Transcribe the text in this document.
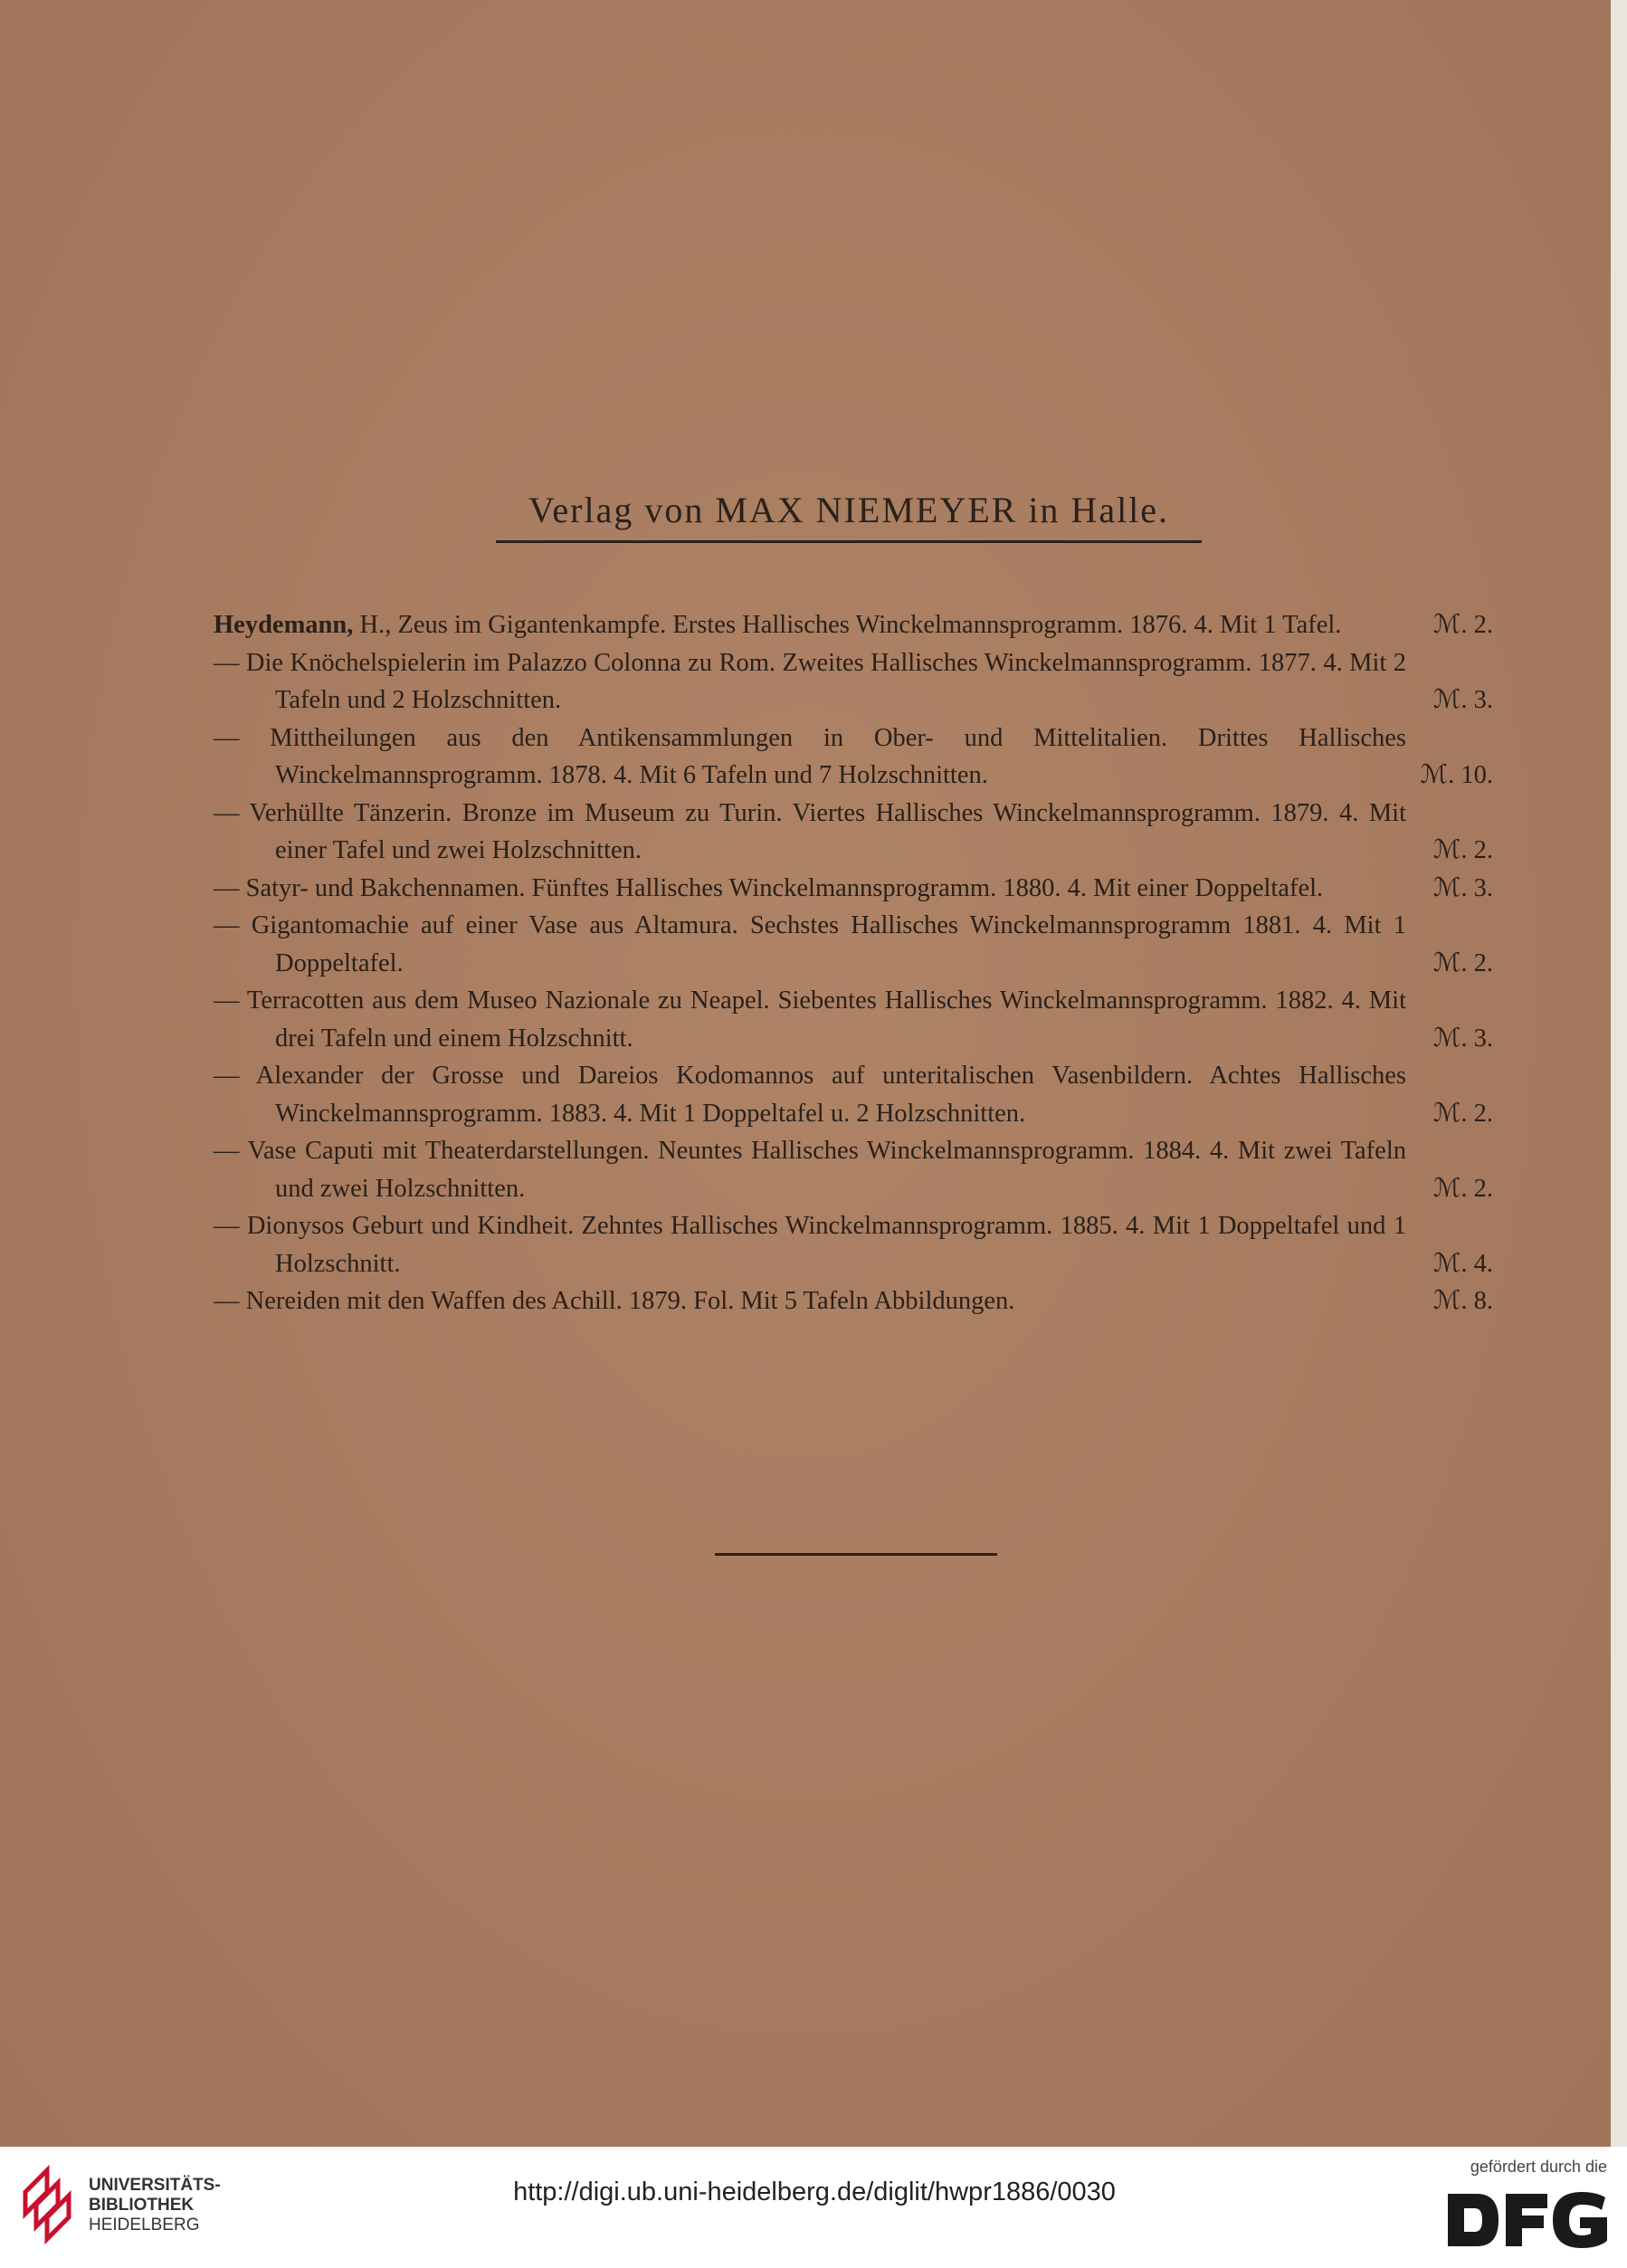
Verlag von MAX NIEMEYER in Halle.
Heydemann, H., Zeus im Gigantenkampfe. Erstes Hallisches Winckelmannsprogramm. 1876. 4. Mit 1 Tafel.	ℳ. 2.
— Die Knöchelspielerin im Palazzo Colonna zu Rom. Zweites Hallisches Winckelmannsprogramm. 1877. 4. Mit 2 Tafeln und 2 Holzschnitten.	ℳ. 3.
— Mittheilungen aus den Antikensammlungen in Ober- und Mittelitalien. Drittes Hallisches Winckelmannsprogramm. 1878. 4. Mit 6 Tafeln und 7 Holzschnitten.	ℳ. 10.
— Verhüllte Tänzerin. Bronze im Museum zu Turin. Viertes Hallisches Winckelmannsprogramm. 1879. 4. Mit einer Tafel und zwei Holzschnitten.	ℳ. 2.
— Satyr- und Bakchennamen. Fünftes Hallisches Winckelmannsprogramm. 1880. 4. Mit einer Doppeltafel.	ℳ. 3.
— Gigantomachie auf einer Vase aus Altamura. Sechstes Hallisches Winckelmannsprogramm 1881. 4. Mit 1 Doppeltafel.	ℳ. 2.
— Terracotten aus dem Museo Nazionale zu Neapel. Siebentes Hallisches Winckelmannsprogramm. 1882. 4. Mit drei Tafeln und einem Holzschnitt.	ℳ. 3.
— Alexander der Grosse und Dareios Kodomannos auf unteritalischen Vasenbildern. Achtes Hallisches Winckelmannsprogramm. 1883. 4. Mit 1 Doppeltafel u. 2 Holzschnitten.	ℳ. 2.
— Vase Caputi mit Theaterdarstellungen. Neuntes Hallisches Winckelmannsprogramm. 1884. 4. Mit zwei Tafeln und zwei Holzschnitten.	ℳ. 2.
— Dionysos Geburt und Kindheit. Zehntes Hallisches Winckelmannsprogramm. 1885. 4. Mit 1 Doppeltafel und 1 Holzschnitt.	ℳ. 4.
— Nereiden mit den Waffen des Achill. 1879. Fol. Mit 5 Tafeln Abbildungen.	ℳ. 8.
UNIVERSITÄTS-
BIBLIOTHEK
HEIDELBERG
http://digi.ub.uni-heidelberg.de/diglit/hwpr1886/0030
gefördert durch die
